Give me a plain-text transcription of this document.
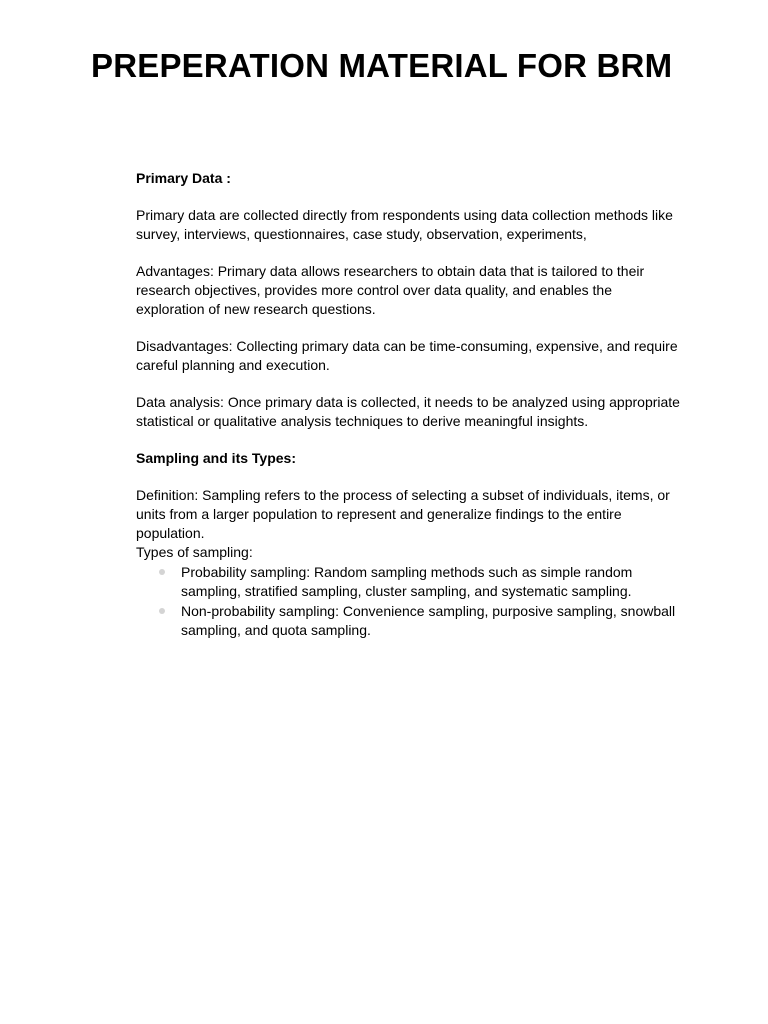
PREPERATION MATERIAL FOR BRM

Primary Data :

Primary data are collected directly from respondents using data collection methods like survey, interviews, questionnaires, case study, observation, experiments,

Advantages: Primary data allows researchers to obtain data that is tailored to their research objectives, provides more control over data quality, and enables the exploration of new research questions.

Disadvantages: Collecting primary data can be time-consuming, expensive, and require careful planning and execution.

Data analysis: Once primary data is collected, it needs to be analyzed using appropriate statistical or qualitative analysis techniques to derive meaningful insights.

Sampling and its Types:

Definition: Sampling refers to the process of selecting a subset of individuals, items, or units from a larger population to represent and generalize findings to the entire population.

Types of sampling:

Probability sampling: Random sampling methods such as simple random sampling, stratified sampling, cluster sampling, and systematic sampling.
Non-probability sampling: Convenience sampling, purposive sampling, snowball sampling, and quota sampling.
